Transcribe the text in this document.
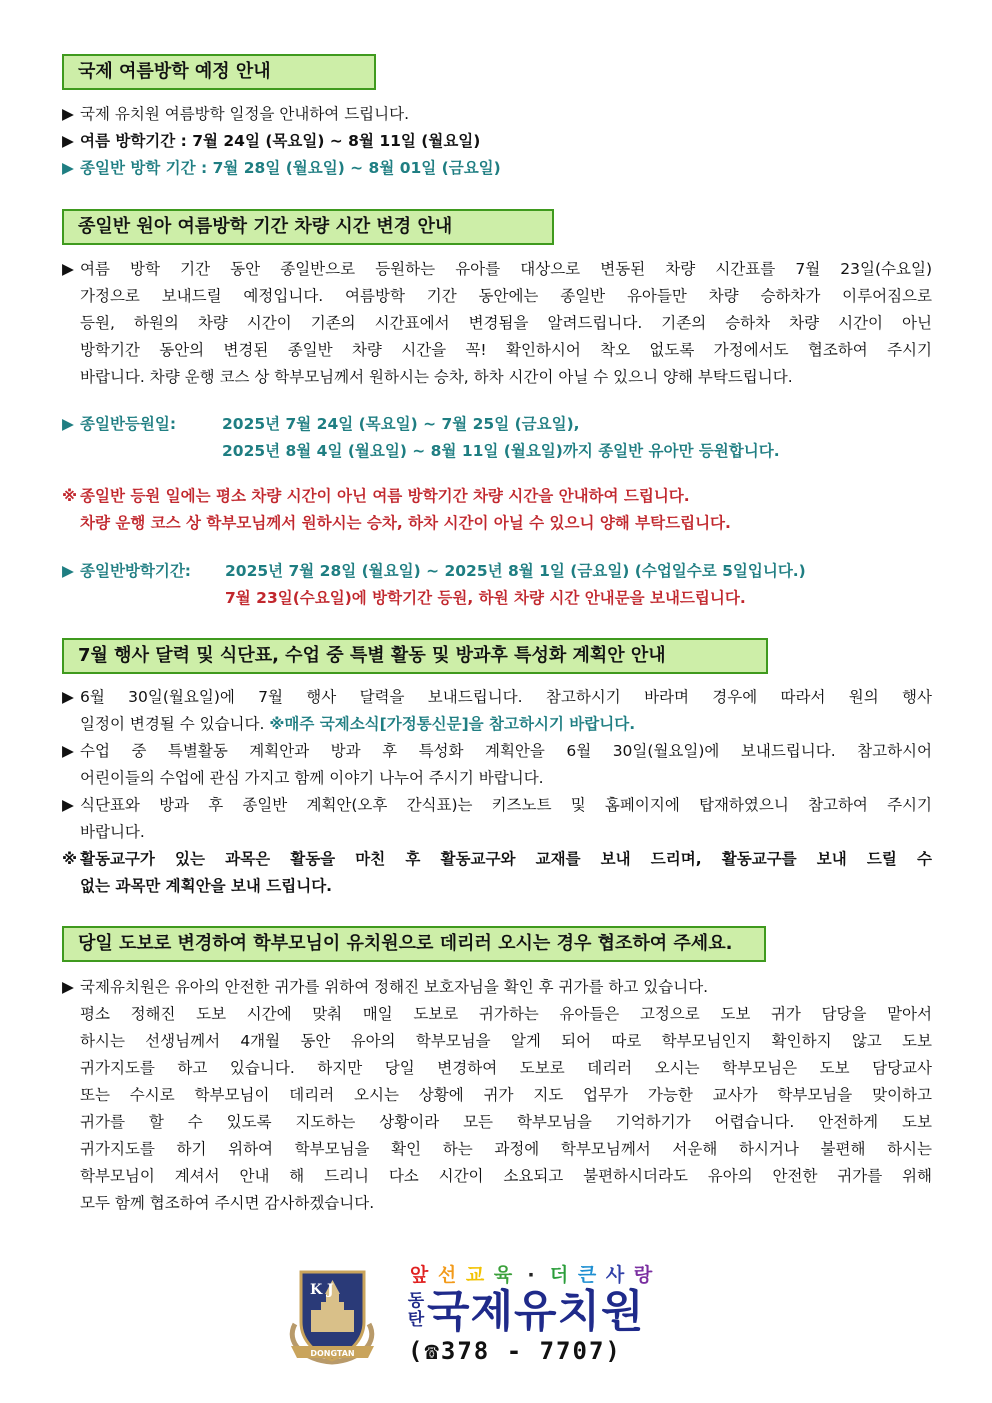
국제 여름방학 예정 안내
▶ 국제 유치원 여름방학 일정을 안내하여 드립니다.
▶ 여름 방학기간 : 7월 24일 (목요일) ~ 8월 11일 (월요일)
▶ 종일반 방학 기간 : 7월 28일 (월요일) ~ 8월 01일 (금요일)
종일반 원아 여름방학 기간 차량 시간 변경 안내
▶ 여름 방학 기간 동안 종일반으로 등원하는 유아를 대상으로 변동된 차량 시간표를 7월 23일(수요일)
가정으로 보내드릴 예정입니다. 여름방학 기간 동안에는 종일반 유아들만 차량 승하차가 이루어짐으로
등원, 하원의 차량 시간이 기존의 시간표에서 변경됨을 알려드립니다. 기존의 승하차 차량 시간이 아닌
방학기간 동안의 변경된 종일반 차량 시간을 꼭! 확인하시어 착오 없도록 가정에서도 협조하여 주시기
바랍니다. 차량 운행 코스 상 학부모님께서 원하시는 승차, 하차 시간이 아닐 수 있으니 양해 부탁드립니다.
▶ 종일반등원일:	2025년 7월 24일 (목요일) ~ 7월 25일 (금요일),
2025년 8월 4일 (월요일) ~ 8월 11일 (월요일)까지 종일반 유아만 등원합니다.
※ 종일반 등원 일에는 평소 차량 시간이 아닌 여름 방학기간 차량 시간을 안내하여 드립니다.
차량 운행 코스 상 학부모님께서 원하시는 승차, 하차 시간이 아닐 수 있으니 양해 부탁드립니다.
▶ 종일반방학기간: 2025년 7월 28일 (월요일) ~ 2025년 8월 1일 (금요일) (수업일수로 5일입니다.)
7월 23일(수요일)에 방학기간 등원, 하원 차량 시간 안내문을 보내드립니다.
7월 행사 달력 및 식단표, 수업 중 특별 활동 및 방과후 특성화 계획안 안내
▶ 6월 30일(월요일)에 7월 행사 달력을 보내드립니다. 참고하시기 바라며 경우에 따라서 원의 행사
일정이 변경될 수 있습니다. ※매주 국제소식[가정통신문]을 참고하시기 바랍니다.
▶ 수업 중 특별활동 계획안과 방과 후 특성화 계획안을 6월 30일(월요일)에 보내드립니다. 참고하시어
어린이들의 수업에 관심 가지고 함께 이야기 나누어 주시기 바랍니다.
▶ 식단표와 방과 후 종일반 계획안(오후 간식표)는 키즈노트 및 홈페이지에 탑재하였으니 참고하여 주시기
바랍니다.
※ 활동교구가 있는 과목은 활동을 마친 후 활동교구와 교재를 보내 드리며, 활동교구를 보내 드릴 수
없는 과목만 계획안을 보내 드립니다.
당일 도보로 변경하여 학부모님이 유치원으로 데리러 오시는 경우 협조하여 주세요.
▶ 국제유치원은 유아의 안전한 귀가를 위하여 정해진 보호자님을 확인 후 귀가를 하고 있습니다.
평소 정해진 도보 시간에 맞춰 매일 도보로 귀가하는 유아들은 고정으로 도보 귀가 담당을 맡아서
하시는 선생님께서 4개월 동안 유아의 학부모님을 알게 되어 따로 학부모님인지 확인하지 않고 도보
귀가지도를 하고 있습니다. 하지만 당일 변경하여 도보로 데리러 오시는 학부모님은 도보 담당교사
또는 수시로 학부모님이 데리러 오시는 상황에 귀가 지도 업무가 가능한 교사가 학부모님을 맞이하고
귀가를 할 수 있도록 지도하는 상황이라 모든 학부모님을 기억하기가 어렵습니다. 안전하게 도보
귀가지도를 하기 위하여 학부모님을 확인 하는 과정에 학부모님께서 서운해 하시거나 불편해 하시는
학부모님이 계셔서 안내 해 드리니 다소 시간이 소요되고 불편하시더라도 유아의 안전한 귀가를 위해
모두 함께 협조하여 주시면 감사하겠습니다.
K J
DONGTAN
앞 선 교 육 · 더 큰 사 랑
동
탄국제유치원
(☎378 - 7707)
